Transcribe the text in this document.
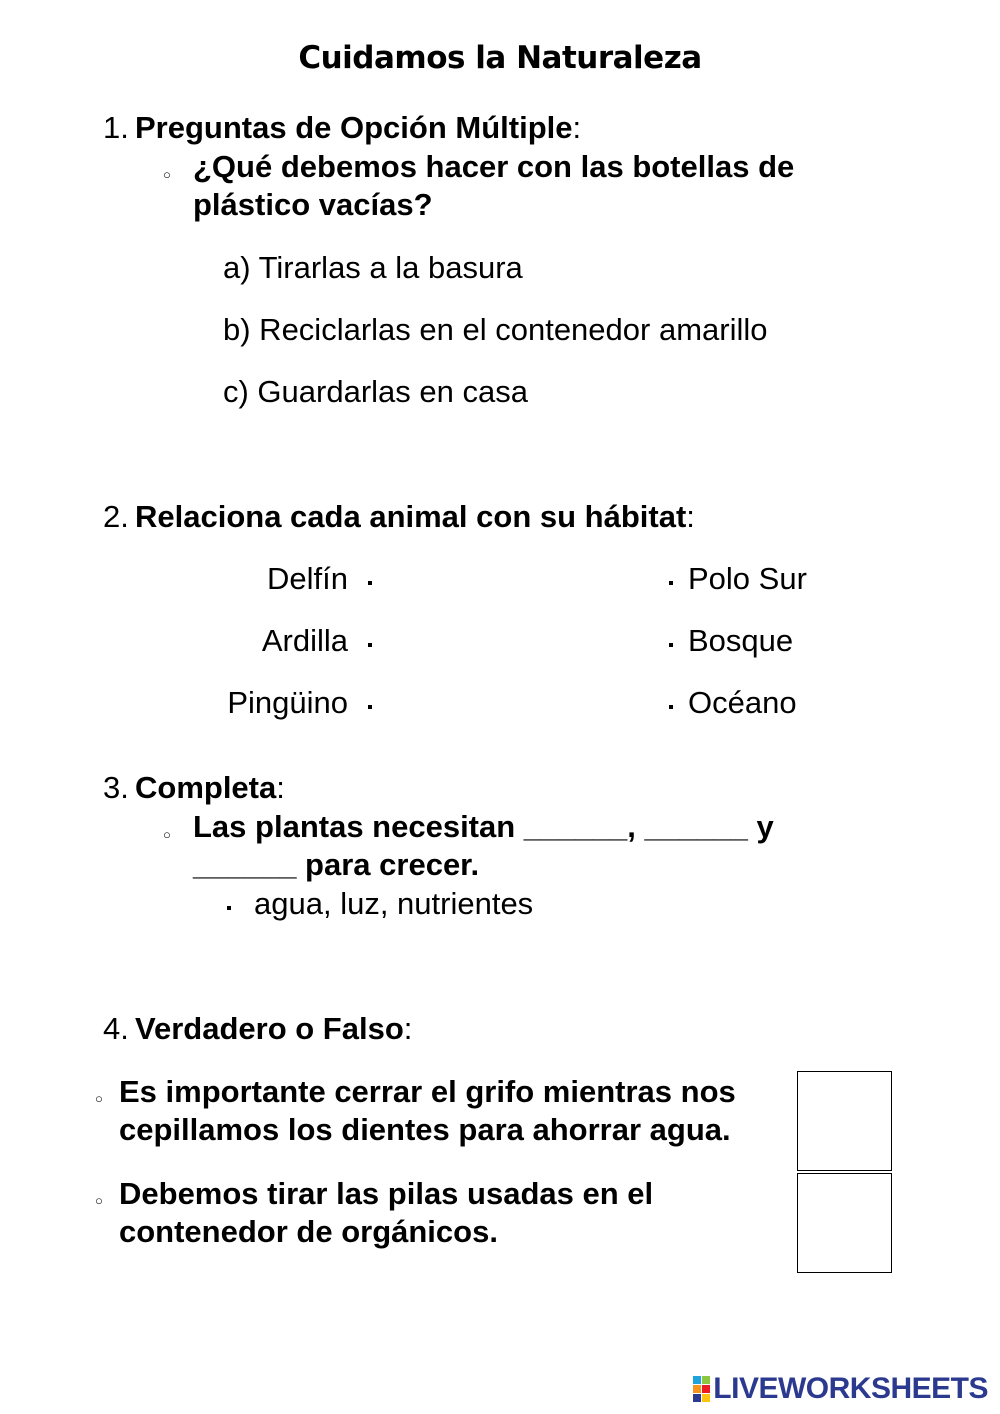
Cuidamos la Naturaleza
1. Preguntas de Opción Múltiple:
○ ¿Qué debemos hacer con las botellas de
plástico vacías?
a) Tirarlas a la basura
b) Reciclarlas en el contenedor amarillo
c) Guardarlas en casa
2. Relaciona cada animal con su hábitat:
Delfín	Polo Sur
Ardilla	Bosque
Pingüino	Océano
3. Completa:
○ Las plantas necesitan ______, ______ y
______ para crecer.
agua, luz, nutrientes
4. Verdadero o Falso:
○ Es importante cerrar el grifo mientras nos
cepillamos los dientes para ahorrar agua.
○ Debemos tirar las pilas usadas en el
contenedor de orgánicos.
LIVEWORKSHEETS
